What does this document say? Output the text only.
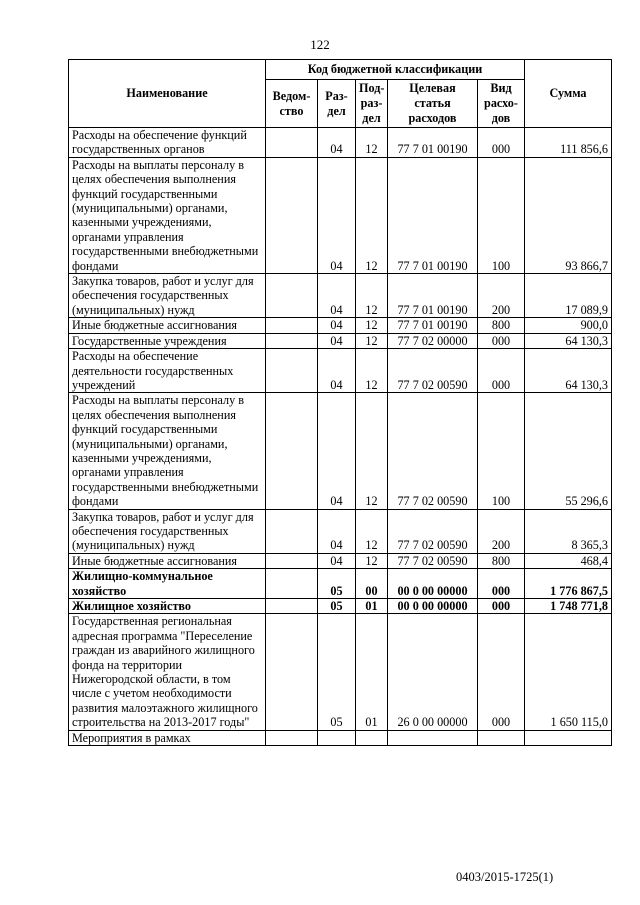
122
Наименование	Код бюджетной классификации					Сумма
	Ведом-ство	Раз-дел	Под-раз-дел	Целевая статья расходов	Вид расхо-дов	
Расходы на обеспечение функций государственных органов		04	12	77 7 01 00190	000	111 856,6
Расходы на выплаты персоналу в целях обеспечения выполнения функций государственными (муниципальными) органами, казенными учреждениями, органами управления государственными внебюджетными фондами		04	12	77 7 01 00190	100	93 866,7
Закупка товаров, работ и услуг для обеспечения государственных (муниципальных) нужд		04	12	77 7 01 00190	200	17 089,9
Иные бюджетные ассигнования		04	12	77 7 01 00190	800	900,0
Государственные учреждения		04	12	77 7 02 00000	000	64 130,3
Расходы на обеспечение деятельности государственных учреждений		04	12	77 7 02 00590	000	64 130,3
Расходы на выплаты персоналу в целях обеспечения выполнения функций государственными (муниципальными) органами, казенными учреждениями, органами управления государственными внебюджетными фондами		04	12	77 7 02 00590	100	55 296,6
Закупка товаров, работ и услуг для обеспечения государственных (муниципальных) нужд		04	12	77 7 02 00590	200	8 365,3
Иные бюджетные ассигнования		04	12	77 7 02 00590	800	468,4
Жилищно-коммунальное хозяйство		05	00	00 0 00 00000	000	1 776 867,5
Жилищное хозяйство		05	01	00 0 00 00000	000	1 748 771,8
Государственная региональная адресная программа "Переселение граждан из аварийного жилищного фонда на территории Нижегородской области, в том числе с учетом необходимости развития малоэтажного жилищного строительства на 2013-2017 годы"		05	01	26 0 00 00000	000	1 650 115,0
Мероприятия в рамках						
0403/2015-1725(1)
